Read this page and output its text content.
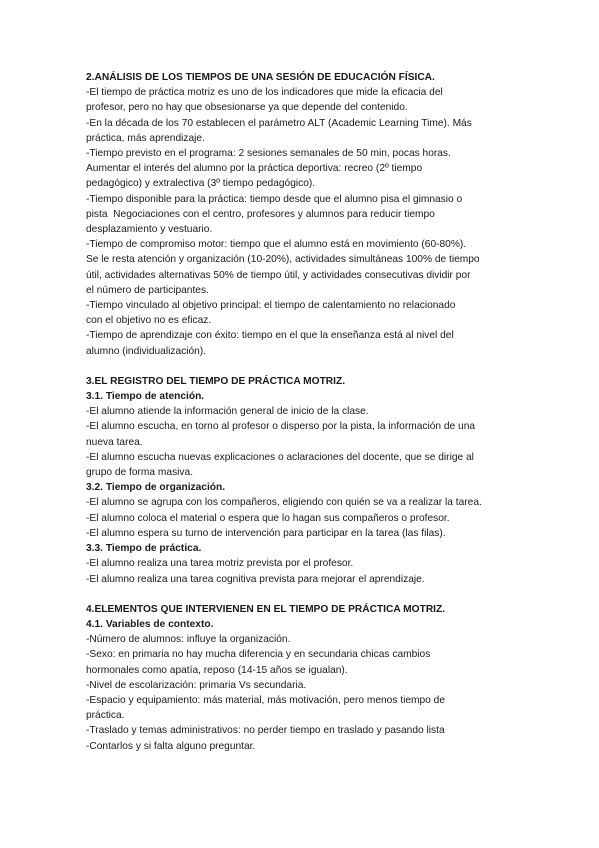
2.ANÁLISIS DE LOS TIEMPOS DE UNA SESIÓN DE EDUCACIÓN FÍSICA.

-El tiempo de práctica motriz es uno de los indicadores que mide la eficacia del

profesor, pero no hay que obsesionarse ya que depende del contenido.

-En la década de los 70 establecen el parámetro ALT (Academic Learning Time). Más

práctica, más aprendizaje.

-Tiempo previsto en el programa: 2 sesiones semanales de 50 min, pocas horas.

Aumentar el interés del alumno por la práctica deportiva: recreo (2º tiempo

pedagógico) y extralectiva (3º tiempo pedagógico).

-Tiempo disponible para la práctica: tiempo desde que el alumno pisa el gimnasio o

pista  Negociaciones con el centro, profesores y alumnos para reducir tiempo

desplazamiento y vestuario.

-Tiempo de compromiso motor: tiempo que el alumno está en movimiento (60-80%).

Se le resta atención y organización (10-20%), actividades simultáneas 100% de tiempo

útil, actividades alternativas 50% de tiempo útil, y actividades consecutivas dividir por

el número de participantes.

-Tiempo vinculado al objetivo principal: el tiempo de calentamiento no relacionado

con el objetivo no es eficaz.

-Tiempo de aprendizaje con éxito: tiempo en el que la enseñanza está al nivel del

alumno (individualización).

3.EL REGISTRO DEL TIEMPO DE PRÁCTICA MOTRIZ.

3.1. Tiempo de atención.

-El alumno atiende la información general de inicio de la clase.

-El alumno escucha, en torno al profesor o disperso por la pista, la información de una

nueva tarea.

-El alumno escucha nuevas explicaciones o aclaraciones del docente, que se dirige al

grupo de forma masiva.

3.2. Tiempo de organización.

-El alumno se agrupa con los compañeros, eligiendo con quién se va a realizar la tarea.

-El alumno coloca el material o espera que lo hagan sus compañeros o profesor.

-El alumno espera su turno de intervención para participar en la tarea (las filas).

3.3. Tiempo de práctica.

-El alumno realiza una tarea motriz prevista por el profesor.

-El alumno realiza una tarea cognitiva prevista para mejorar el aprendizaje.

4.ELEMENTOS QUE INTERVIENEN EN EL TIEMPO DE PRÁCTICA MOTRIZ.

4.1. Variables de contexto.

-Número de alumnos: influye la organización.

-Sexo: en primaria no hay mucha diferencia y en secundaria chicas cambios

hormonales como apatía, reposo (14-15 años se igualan).

-Nivel de escolarización: primaria Vs secundaria.

-Espacio y equipamiento: más material, más motivación, pero menos tiempo de

práctica.

-Traslado y temas administrativos: no perder tiempo en traslado y pasando lista

-Contarlos y si falta alguno preguntar.
